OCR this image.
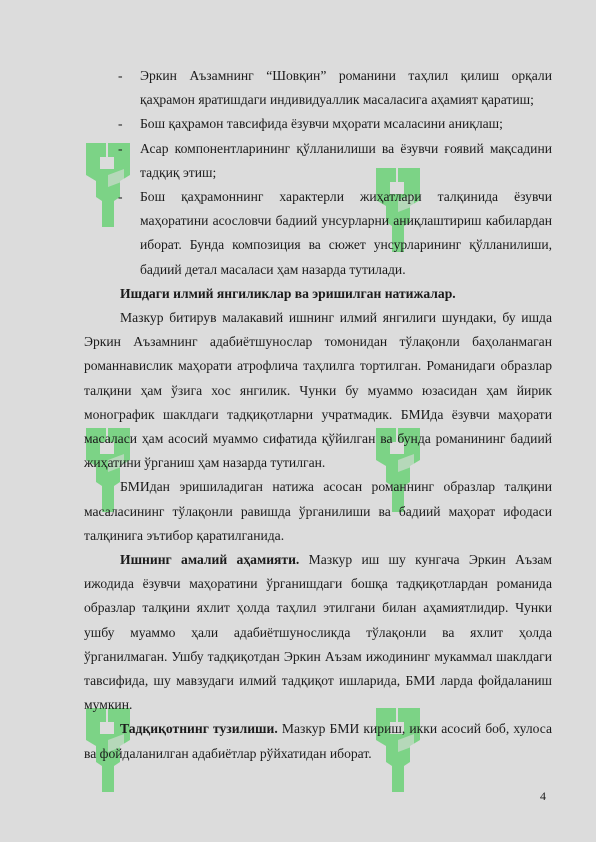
- Эркин Аъзамнинг “Шовқин” романини таҳлил қилиш орқали қаҳрамон яратишдаги индивидуаллик масаласига аҳамият қаратиш;
- Бош қаҳрамон тавсифида ёзувчи мҳорати мсаласини аниқлаш;
- Асар компонентларининг қўлланилиши ва ёзувчи ғоявий мақсадини тадқиқ этиш;
- Бош қаҳрамоннинг характерли жиҳатлари талқинида ёзувчи маҳоратини асословчи бадиий унсурларни аниқлаштириш кабилардан иборат. Бунда композиция ва сюжет унсурларининг қўлланилиши, бадиий детал масаласи ҳам назарда тутилади.
Ишдаги илмий янгиликлар ва эришилган натижалар.

Мазкур битирув малакавий ишнинг илмий янгилиги шундаки, бу ишда Эркин Аъзамнинг адабиётшунослар томонидан тўлақонли баҳоланмаган романнавислик маҳорати атрофлича таҳлилга тортилган. Романидаги образлар талқини ҳам ўзига хос янгилик. Чунки бу муаммо юзасидан ҳам йирик монографик шаклдаги тадқиқотларни учратмадик. БМИда ёзувчи маҳорати масаласи ҳам асосий муаммо сифатида қўйилган ва бунда романининг бадиий жиҳатини ўрганиш ҳам назарда тутилган.

БМИдан эришиладиган натижа асосан романнинг образлар талқини масаласининг тўлақонли равишда ўрганилиши ва бадиий маҳорат ифодаси талқинига эътибор қаратилганида.

Ишнинг амалий аҳамияти. Мазкур иш шу кунгача Эркин Аъзам ижодида ёзувчи маҳоратини ўрганишдаги бошқа тадқиқотлардан романида образлар талқини яхлит ҳолда таҳлил этилгани билан аҳамиятлидир. Чунки ушбу муаммо ҳали адабиётшуносликда тўлақонли ва яхлит ҳолда ўрганилмаган. Ушбу тадқиқотдан Эркин Аъзам ижодининг мукаммал шаклдаги тавсифида, шу мавзудаги илмий тадқиқот ишларида, БМИ ларда фойдаланиш мумкин.

Тадқиқотнинг тузилиши. Мазкур БМИ кириш, икки асосий боб, хулоса ва фойдаланилган адабиётлар рўйхатидан иборат.

4
